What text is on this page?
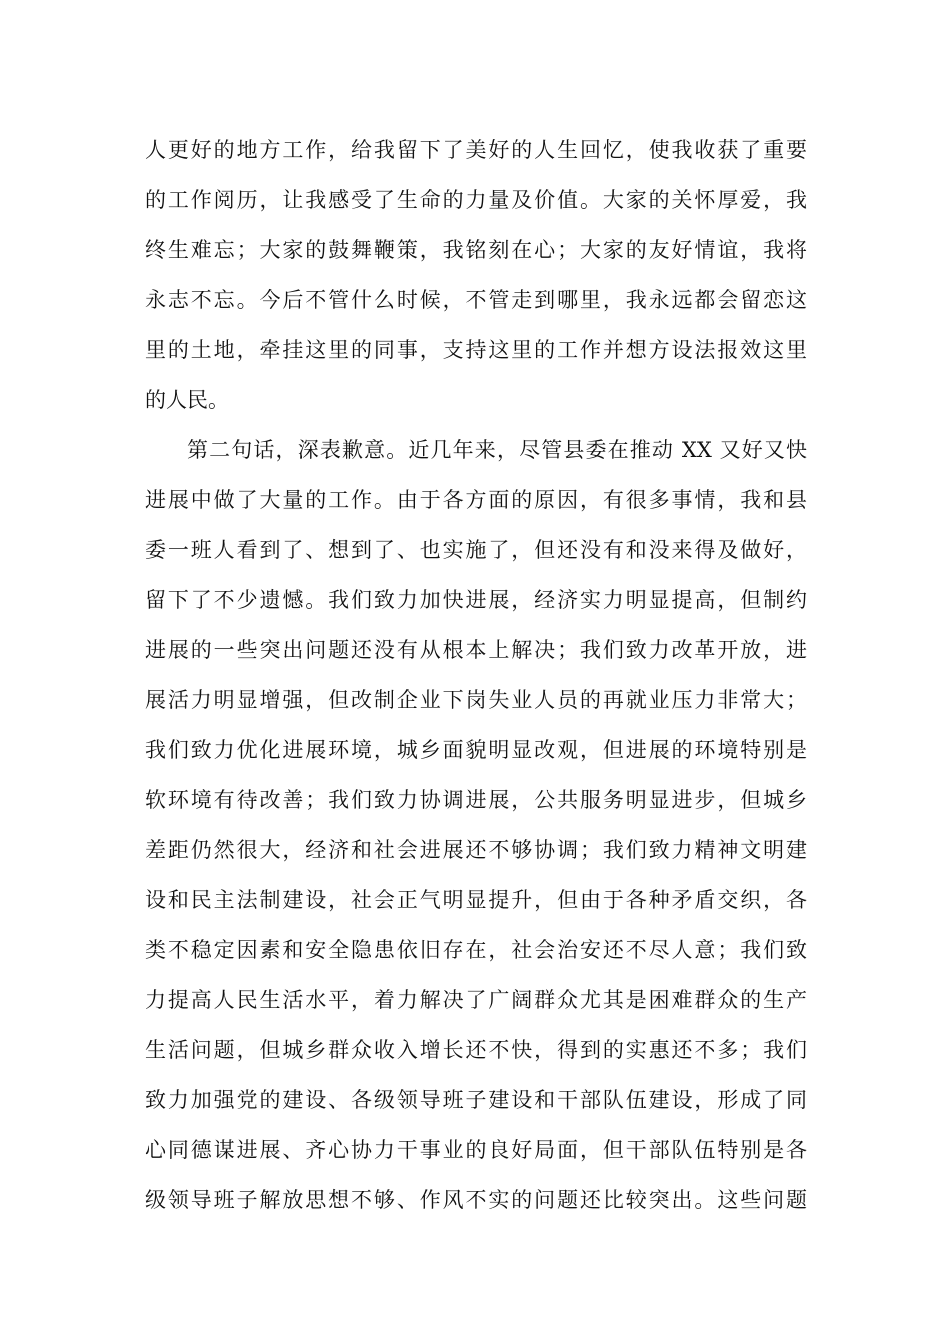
人更好的地方工作，给我留下了美好的人生回忆，使我收获了重要
的工作阅历，让我感受了生命的力量及价值。大家的关怀厚爱，我
终生难忘；大家的鼓舞鞭策，我铭刻在心；大家的友好情谊，我将
永志不忘。今后不管什么时候，不管走到哪里，我永远都会留恋这
里的土地，牵挂这里的同事，支持这里的工作并想方设法报效这里
的人民。
第二句话，深表歉意。近几年来，尽管县委在推动 XX 又好又快
进展中做了大量的工作。由于各方面的原因，有很多事情，我和县
委一班人看到了、想到了、也实施了，但还没有和没来得及做好，
留下了不少遗憾。我们致力加快进展，经济实力明显提高，但制约
进展的一些突出问题还没有从根本上解决；我们致力改革开放，进
展活力明显增强，但改制企业下岗失业人员的再就业压力非常大；
我们致力优化进展环境，城乡面貌明显改观，但进展的环境特别是
软环境有待改善；我们致力协调进展，公共服务明显进步，但城乡
差距仍然很大，经济和社会进展还不够协调；我们致力精神文明建
设和民主法制建设，社会正气明显提升，但由于各种矛盾交织，各
类不稳定因素和安全隐患依旧存在，社会治安还不尽人意；我们致
力提高人民生活水平，着力解决了广阔群众尤其是困难群众的生产
生活问题，但城乡群众收入增长还不快，得到的实惠还不多；我们
致力加强党的建设、各级领导班子建设和干部队伍建设，形成了同
心同德谋进展、齐心协力干事业的良好局面，但干部队伍特别是各
级领导班子解放思想不够、作风不实的问题还比较突出。这些问题
